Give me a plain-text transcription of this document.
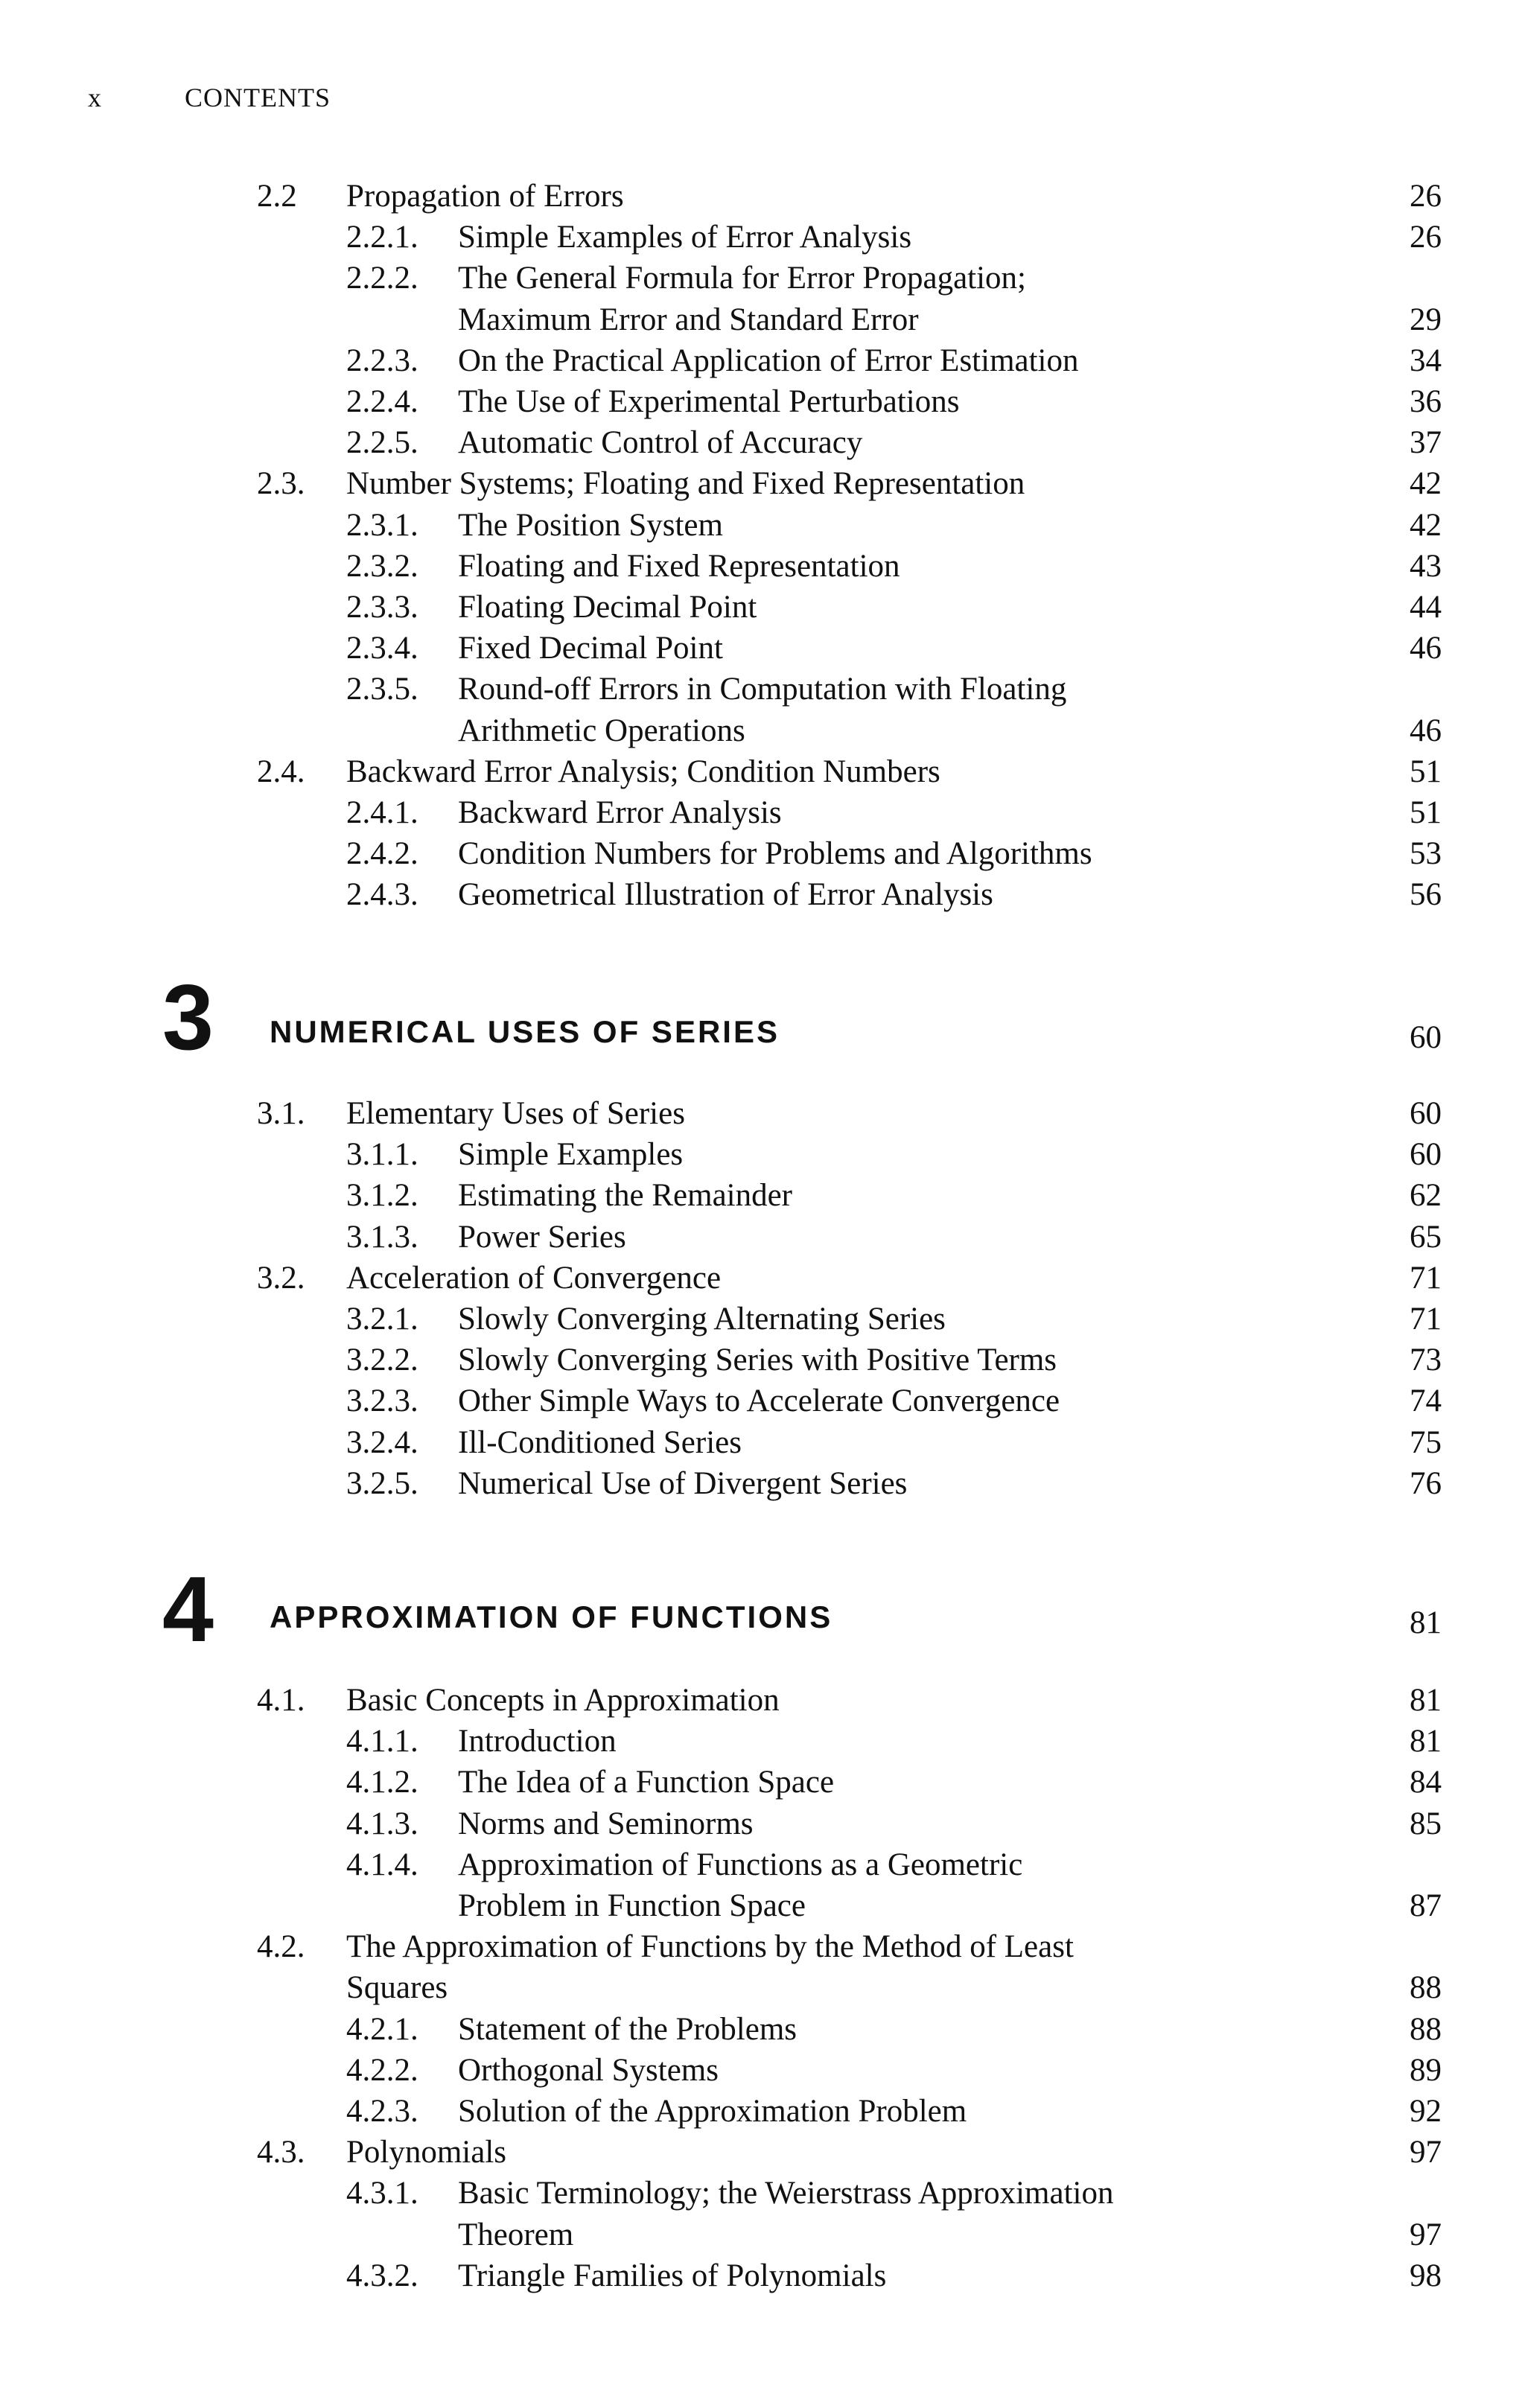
x	CONTENTS
2.2 Propagation of Errors	26
2.2.1. Simple Examples of Error Analysis	26
2.2.2. The General Formula for Error Propagation;
Maximum Error and Standard Error	29
2.2.3. On the Practical Application of Error Estimation	34
2.2.4. The Use of Experimental Perturbations	36
2.2.5. Automatic Control of Accuracy	37
2.3. Number Systems; Floating and Fixed Representation	42
2.3.1. The Position System	42
2.3.2. Floating and Fixed Representation	43
2.3.3. Floating Decimal Point	44
2.3.4. Fixed Decimal Point	46
2.3.5. Round-off Errors in Computation with Floating
Arithmetic Operations	46
2.4. Backward Error Analysis; Condition Numbers	51
2.4.1. Backward Error Analysis	51
2.4.2. Condition Numbers for Problems and Algorithms	53
2.4.3. Geometrical Illustration of Error Analysis	56
3 NUMERICAL USES OF SERIES	60
3.1. Elementary Uses of Series	60
3.1.1. Simple Examples	60
3.1.2. Estimating the Remainder	62
3.1.3. Power Series	65
3.2. Acceleration of Convergence	71
3.2.1. Slowly Converging Alternating Series	71
3.2.2. Slowly Converging Series with Positive Terms	73
3.2.3. Other Simple Ways to Accelerate Convergence	74
3.2.4. Ill-Conditioned Series	75
3.2.5. Numerical Use of Divergent Series	76
4 APPROXIMATION OF FUNCTIONS	81
4.1. Basic Concepts in Approximation	81
4.1.1. Introduction	81
4.1.2. The Idea of a Function Space	84
4.1.3. Norms and Seminorms	85
4.1.4. Approximation of Functions as a Geometric
Problem in Function Space	87
4.2. The Approximation of Functions by the Method of Least
Squares	88
4.2.1. Statement of the Problems	88
4.2.2. Orthogonal Systems	89
4.2.3. Solution of the Approximation Problem	92
4.3. Polynomials	97
4.3.1. Basic Terminology; the Weierstrass Approximation
Theorem	97
4.3.2. Triangle Families of Polynomials	98
